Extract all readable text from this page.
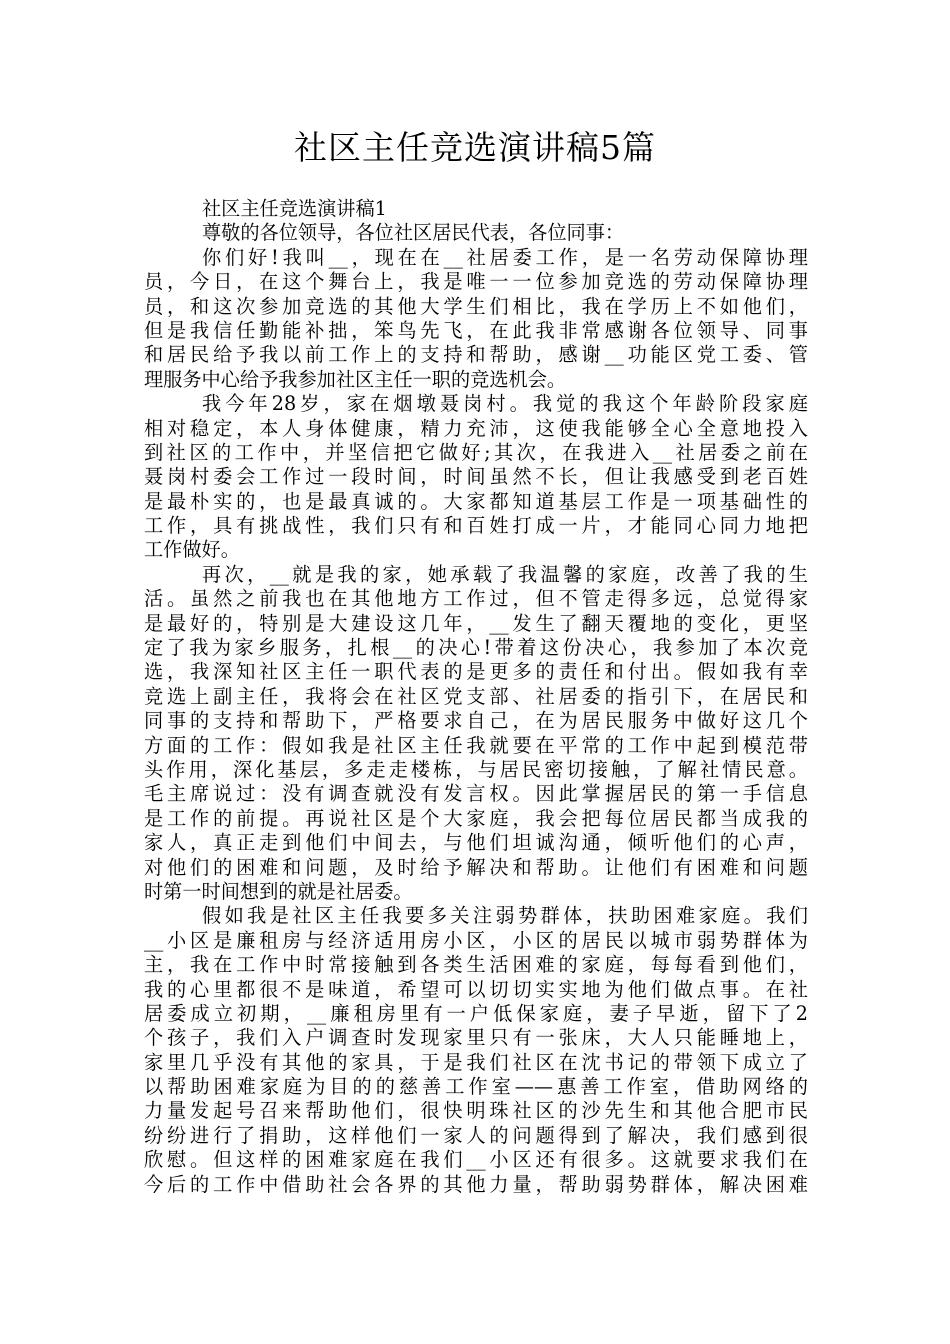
社区主任竞选演讲稿5篇
社区主任竞选演讲稿1
尊敬的各位领导，各位社区居民代表，各位同事：
你们好!我叫__，现在在__社居委工作，是一名劳动保障协理
员，今日，在这个舞台上，我是唯一一位参加竞选的劳动保障协理
员，和这次参加竞选的其他大学生们相比，我在学历上不如他们，
但是我信任勤能补拙，笨鸟先飞，在此我非常感谢各位领导、同事
和居民给予我以前工作上的支持和帮助，感谢__功能区党工委、管
理服务中心给予我参加社区主任一职的竞选机会。
我今年28岁，家在烟墩聂岗村。我觉的我这个年龄阶段家庭
相对稳定，本人身体健康，精力充沛，这使我能够全心全意地投入
到社区的工作中，并坚信把它做好;其次，在我进入__社居委之前在
聂岗村委会工作过一段时间，时间虽然不长，但让我感受到老百姓
是最朴实的，也是最真诚的。大家都知道基层工作是一项基础性的
工作，具有挑战性，我们只有和百姓打成一片，才能同心同力地把
工作做好。
再次，__就是我的家，她承载了我温馨的家庭，改善了我的生
活。虽然之前我也在其他地方工作过，但不管走得多远，总觉得家
是最好的，特别是大建设这几年，__发生了翻天覆地的变化，更坚
定了我为家乡服务，扎根__的决心!带着这份决心，我参加了本次竞
选，我深知社区主任一职代表的是更多的责任和付出。假如我有幸
竞选上副主任，我将会在社区党支部、社居委的指引下，在居民和
同事的支持和帮助下，严格要求自己，在为居民服务中做好这几个
方面的工作：假如我是社区主任我就要在平常的工作中起到模范带
头作用，深化基层，多走走楼栋，与居民密切接触，了解社情民意。
毛主席说过：没有调查就没有发言权。因此掌握居民的第一手信息
是工作的前提。再说社区是个大家庭，我会把每位居民都当成我的
家人，真正走到他们中间去，与他们坦诚沟通，倾听他们的心声，
对他们的困难和问题，及时给予解决和帮助。让他们有困难和问题
时第一时间想到的就是社居委。
假如我是社区主任我要多关注弱势群体，扶助困难家庭。我们
__小区是廉租房与经济适用房小区，小区的居民以城市弱势群体为
主，我在工作中时常接触到各类生活困难的家庭，每每看到他们，
我的心里都很不是味道，希望可以切切实实地为他们做点事。在社
居委成立初期，__廉租房里有一户低保家庭，妻子早逝，留下了2
个孩子，我们入户调查时发现家里只有一张床，大人只能睡地上，
家里几乎没有其他的家具，于是我们社区在沈书记的带领下成立了
以帮助困难家庭为目的的慈善工作室——惠善工作室，借助网络的
力量发起号召来帮助他们，很快明珠社区的沙先生和其他合肥市民
纷纷进行了捐助，这样他们一家人的问题得到了解决，我们感到很
欣慰。但这样的困难家庭在我们__小区还有很多。这就要求我们在
今后的工作中借助社会各界的其他力量，帮助弱势群体，解决困难
